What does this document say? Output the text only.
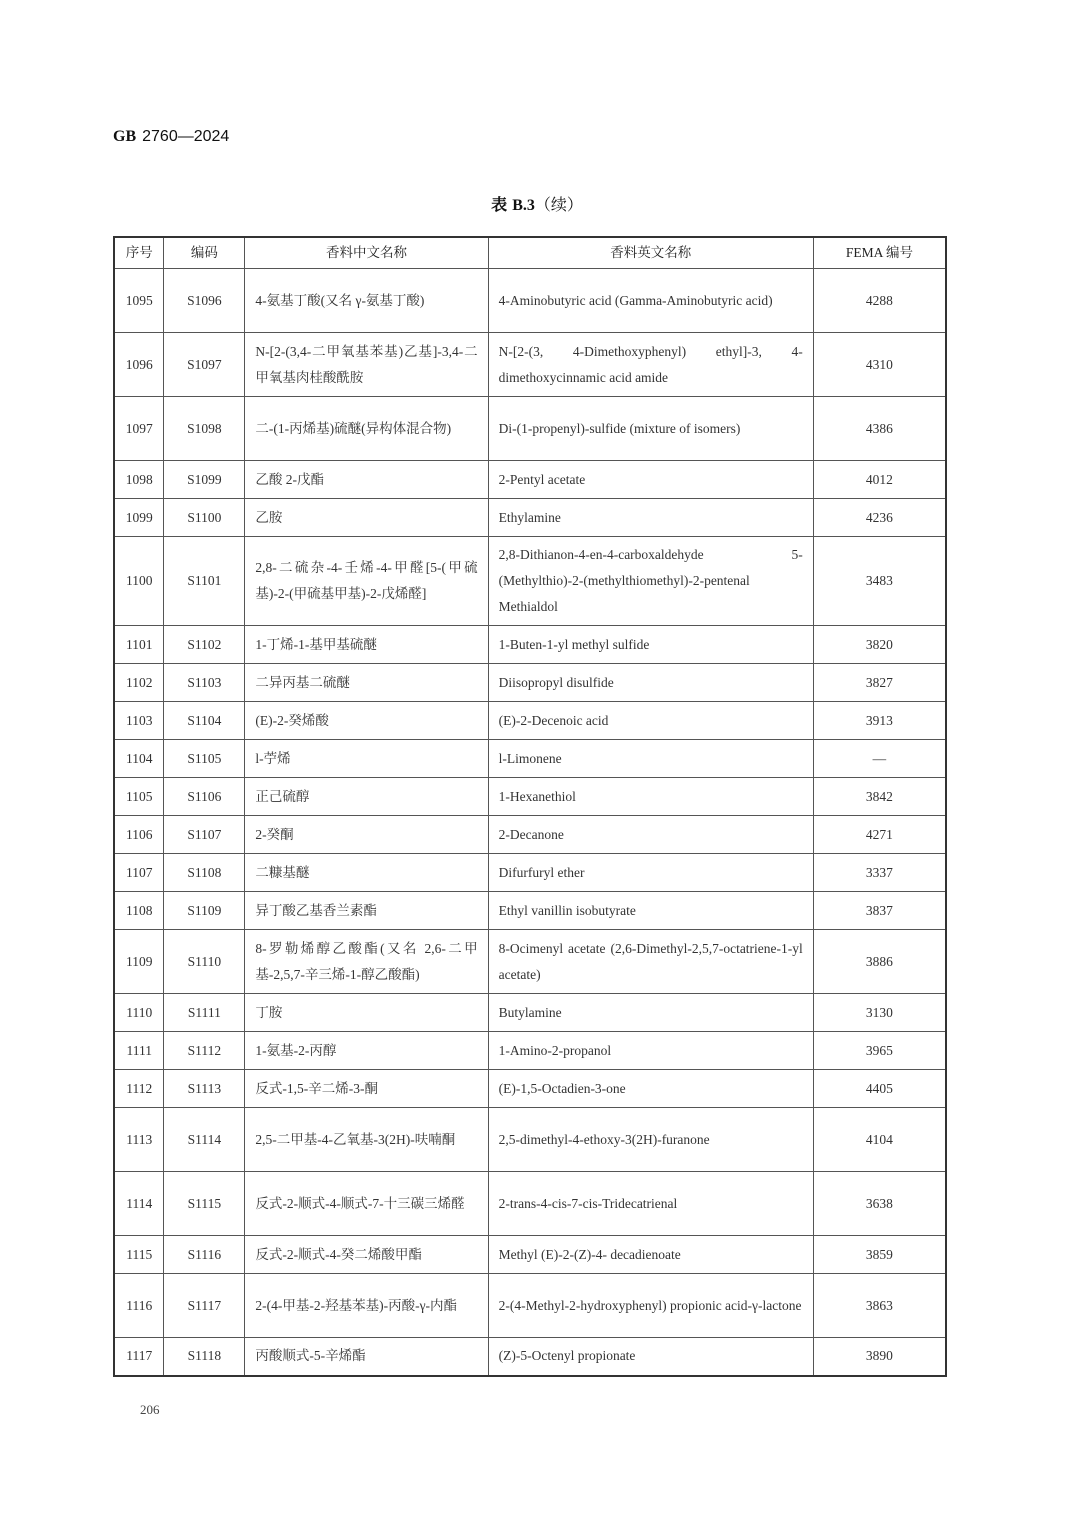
GB 2760—2024
表 B.3（续）
序号	编码	香料中文名称	香料英文名称	FEMA 编号
1095	S1096	4-氨基丁酸(又名 γ-氨基丁酸)	4-Aminobutyric acid (Gamma-Aminobutyric acid)	4288
1096	S1097	N-[2-(3,4-二甲氧基苯基)乙基]-3,4-二甲氧基肉桂酸酰胺	N-[2-(3, 4-Dimethoxyphenyl) ethyl]-3, 4-dimethoxycinnamic acid amide	4310
1097	S1098	二-(1-丙烯基)硫醚(异构体混合物)	Di-(1-propenyl)-sulfide (mixture of isomers)	4386
1098	S1099	乙酸 2-戊酯	2-Pentyl acetate	4012
1099	S1100	乙胺	Ethylamine	4236
1100	S1101	2,8-二硫杂-4-壬烯-4-甲醛[5-(甲硫基)-2-(甲硫基甲基)-2-戊烯醛]	2,8-Dithianon-4-en-4-carboxaldehyde 5-(Methylthio)-2-(methylthiomethyl)-2-pentenal Methialdol	3483
1101	S1102	1-丁烯-1-基甲基硫醚	1-Buten-1-yl methyl sulfide	3820
1102	S1103	二异丙基二硫醚	Diisopropyl disulfide	3827
1103	S1104	(E)-2-癸烯酸	(E)-2-Decenoic acid	3913
1104	S1105	l-苧烯	l-Limonene	—
1105	S1106	正己硫醇	1-Hexanethiol	3842
1106	S1107	2-癸酮	2-Decanone	4271
1107	S1108	二糠基醚	Difurfuryl ether	3337
1108	S1109	异丁酸乙基香兰素酯	Ethyl vanillin isobutyrate	3837
1109	S1110	8-罗勒烯醇乙酸酯(又名 2,6-二甲基-2,5,7-辛三烯-1-醇乙酸酯)	8-Ocimenyl acetate (2,6-Dimethyl-2,5,7-octatriene-1-yl acetate)	3886
1110	S1111	丁胺	Butylamine	3130
1111	S1112	1-氨基-2-丙醇	1-Amino-2-propanol	3965
1112	S1113	反式-1,5-辛二烯-3-酮	(E)-1,5-Octadien-3-one	4405
1113	S1114	2,5-二甲基-4-乙氧基-3(2H)-呋喃酮	2,5-dimethyl-4-ethoxy-3(2H)-furanone	4104
1114	S1115	反式-2-顺式-4-顺式-7-十三碳三烯醛	2-trans-4-cis-7-cis-Tridecatrienal	3638
1115	S1116	反式-2-顺式-4-癸二烯酸甲酯	Methyl (E)-2-(Z)-4- decadienoate	3859
1116	S1117	2-(4-甲基-2-羟基苯基)-丙酸-γ-内酯	2-(4-Methyl-2-hydroxyphenyl) propionic acid-γ-lactone	3863
1117	S1118	丙酸顺式-5-辛烯酯	(Z)-5-Octenyl propionate	3890
206
